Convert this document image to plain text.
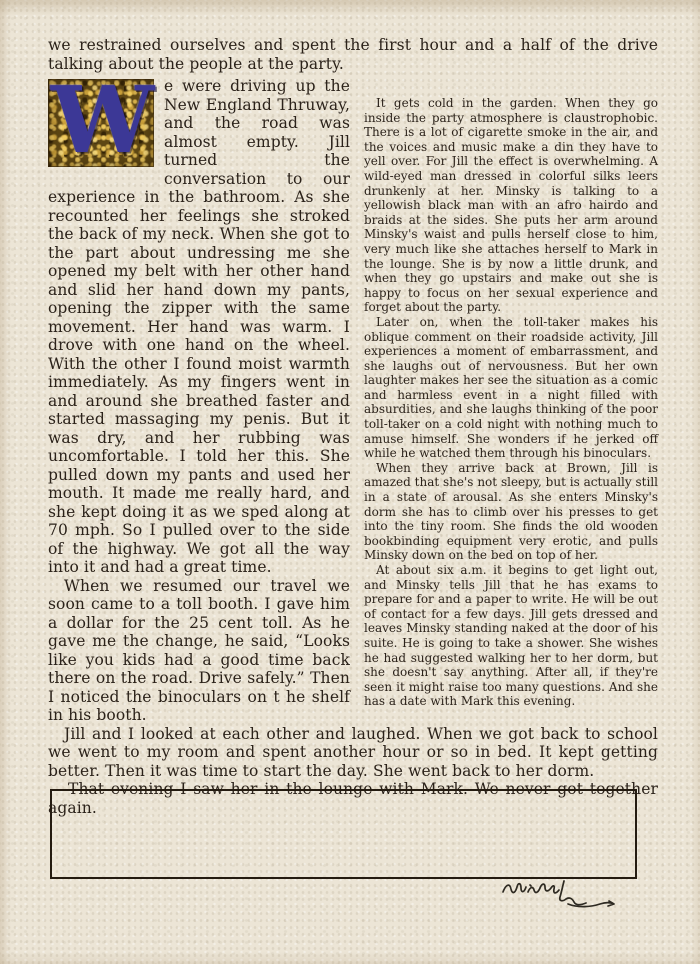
we restrained ourselves and spent the first hour and a half of the drive talking about the people at the party.

W	It gets cold in the garden. When they go inside the party atmosphere is claustrophobic. There is a lot of cigarette smoke in the air, and the voices and music make a din they have to yell over. For Jill the effect is overwhelming. A wild-eyed man dressed in colorful silks leers drunkenly at her. Minsky is talking to a yellowish black man with an afro hairdo and braids at the sides. She puts her arm around Minsky's waist and pulls herself close to him, very much like she attaches herself to Mark in the lounge. She is by now a little drunk, and when they go upstairs and make out she is happy to focus on her sexual experience and forget about the party.

Later on, when the toll-taker makes his oblique comment on their roadside activity, Jill experiences a moment of embarrassment, and she laughs out of nervousness. But her own laughter makes her see the situation as a comic and harmless event in a night filled with absurdities, and she laughs thinking of the poor toll-taker on a cold night with nothing much to amuse himself. She wonders if he jerked off while he watched them through his binoculars.

When they arrive back at Brown, Jill is amazed that she's not sleepy, but is actually still in a state of arousal. As she enters Minsky's dorm she has to climb over his presses to get into the tiny room. She finds the old wooden bookbinding equipment very erotic, and pulls Minsky down on the bed on top of her.

At about six a.m. it begins to get light out, and Minsky tells Jill that he has exams to prepare for and a paper to write. He will be out of contact for a few days. Jill gets dressed and leaves Minsky standing naked at the door of his suite. He is going to take a shower. She wishes he had suggested walking her to her dorm, but she doesn't say anything. After all, if they're seen it might raise too many questions. And she has a date with Mark this evening.

e were driving up the New England Thruway, and the road was almost empty. Jill turned the conversation to our experience in the bathroom. As she recounted her feelings she stroked the back of my neck. When she got to the part about undressing me she opened my belt with her other hand and slid her hand down my pants, opening the zipper with the same movement. Her hand was warm. I drove with one hand on the wheel. With the other I found moist warmth immediately. As my fingers went in and around she breathed faster and started massaging my penis. But it was dry, and her rubbing was uncomfortable. I told her this. She pulled down my pants and used her mouth. It made me really hard, and she kept doing it as we sped along at 70 mph. So I pulled over to the side of the highway. We got all the way into it and had a great time.

When we resumed our travel we soon came to a toll booth. I gave him a dollar for the 25 cent toll. As he gave me the change, he said, “Looks like you kids had a good time back there on the road. Drive safely.” Then I noticed the binoculars on t he shelf in his booth.

Jill and I looked at each other and laughed. When we got back to school we went to my room and spent another hour or so in bed. It kept getting better. Then it was time to start the day. She went back to her dorm.

That evening I saw her in the lounge with Mark. We never got together again.
